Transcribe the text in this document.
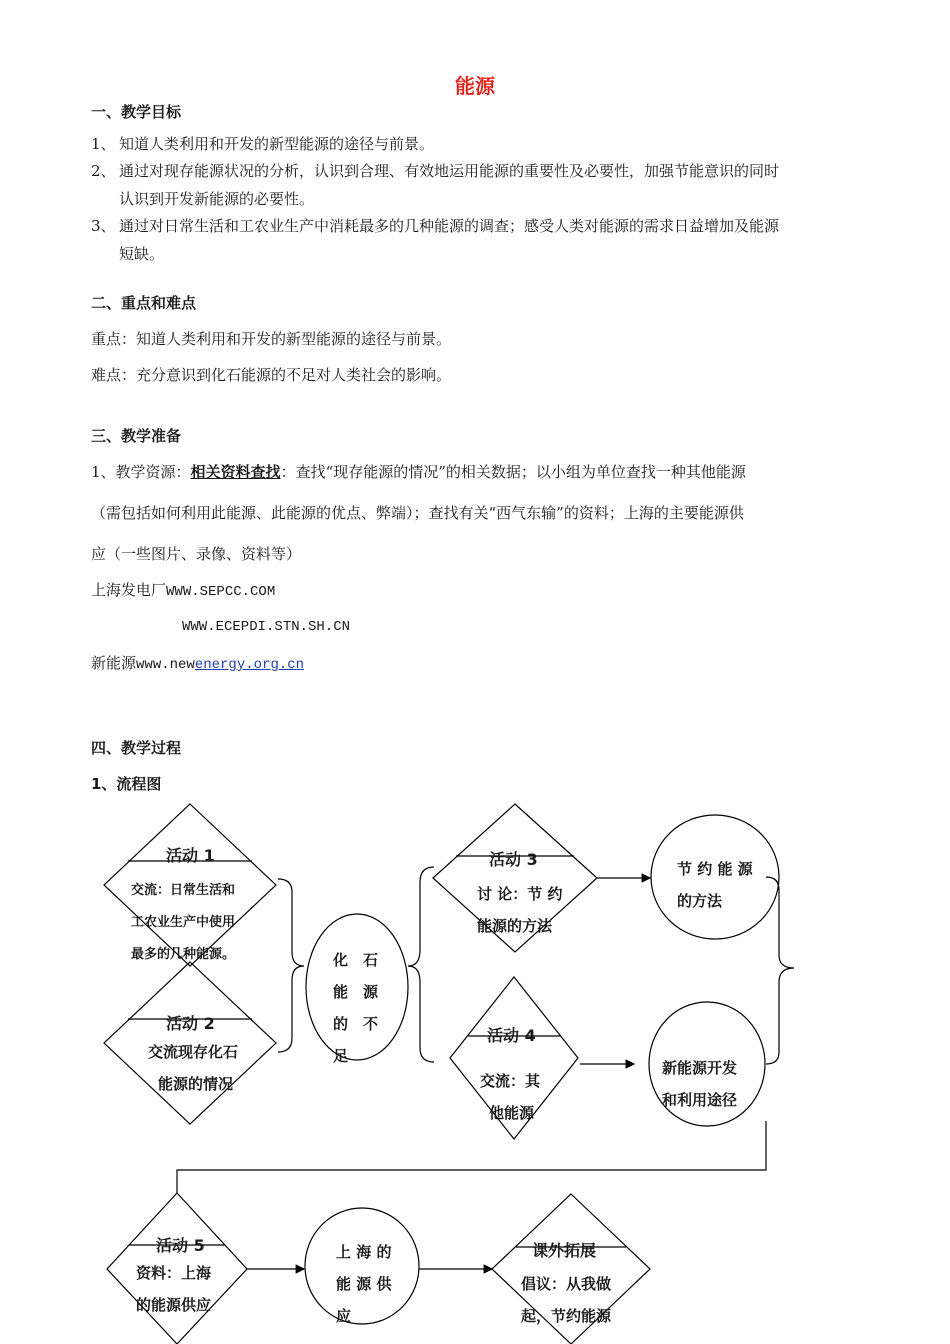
能源
一、教学目标
1、 知道人类利用和开发的新型能源的途径与前景。
2、 通过对现存能源状况的分析，认识到合理、有效地运用能源的重要性及必要性，加强节能意识的同时
认识到开发新能源的必要性。
3、 通过对日常生活和工农业生产中消耗最多的几种能源的调查；感受人类对能源的需求日益增加及能源
短缺。
二、重点和难点
重点：知道人类利用和开发的新型能源的途径与前景。
难点：充分意识到化石能源的不足对人类社会的影响。
三、教学准备
1、教学资源：相关资料查找：查找“现存能源的情况”的相关数据；以小组为单位查找一种其他能源
（需包括如何利用此能源、此能源的优点、弊端）；查找有关“西气东输”的资料；上海的主要能源供
应（一些图片、录像、资料等）
上海发电厂WWW.SEPCC.COM
WWW.ECEPDI.STN.SH.CN
新能源www.newenergy.org.cn
四、教学过程
1、流程图
活动 1
交流：日常生活和
工农业生产中使用
最多的几种能源。
活动 2
交流现存化石
能源的情况
化　石
能　源
的　不
足
活动 3
讨 论：节 约
能源的方法
节 约 能 源
的方法
活动 4
交流：其
他能源
新能源开发
和利用途径
活动 5
资料：上海
的能源供应
上 海 的
能 源 供
应
课外拓展
倡议：从我做
起，节约能源
